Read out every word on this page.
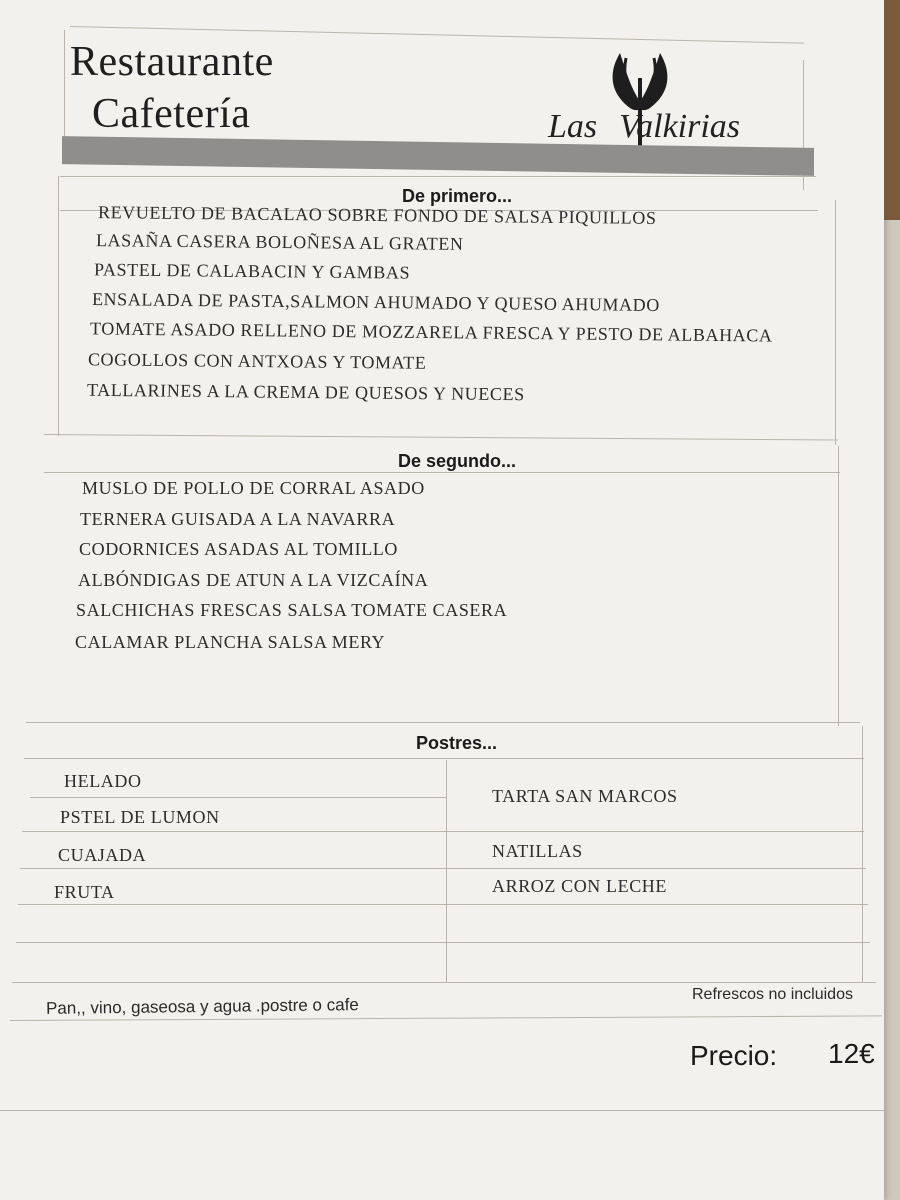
Restaurante
Cafetería	Las Valkirias
De primero...
REVUELTO DE BACALAO SOBRE FONDO DE SALSA PIQUILLOS
LASAÑA CASERA BOLOÑESA AL GRATEN
PASTEL DE CALABACIN Y GAMBAS
ENSALADA DE PASTA,SALMON AHUMADO Y QUESO AHUMADO
TOMATE ASADO RELLENO DE MOZZARELA FRESCA Y PESTO DE ALBAHACA
COGOLLOS CON ANTXOAS Y TOMATE
TALLARINES A LA CREMA DE QUESOS Y NUECES
De segundo...
MUSLO DE POLLO DE CORRAL ASADO
TERNERA GUISADA A LA NAVARRA
CODORNICES ASADAS AL TOMILLO
ALBÓNDIGAS DE ATUN A LA VIZCAÍNA
SALCHICHAS FRESCAS SALSA TOMATE CASERA
CALAMAR PLANCHA SALSA MERY
Postres...
HELADO
PSTEL DE LUMON
CUAJADA
FRUTA
TARTA SAN MARCOS
NATILLAS
ARROZ CON LECHE
Pan,, vino, gaseosa y agua .postre o cafe
Refrescos no incluidos
Precio: 12€
